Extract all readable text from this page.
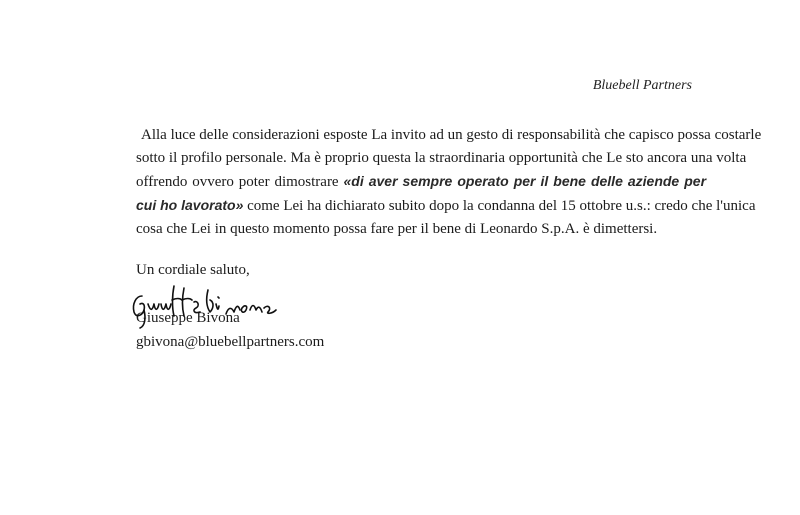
Bluebell Partners
Alla luce delle considerazioni esposte La invito ad un gesto di responsabilità che capisco possa costarle
sotto il profilo personale. Ma è proprio questa la straordinaria opportunità che Le sto ancora una volta
offrendo ovvero poter dimostrare «di aver sempre operato per il bene delle aziende per
cui ho lavorato» come Lei ha dichiarato subito dopo la condanna del 15 ottobre u.s.: credo che l'unica
cosa che Lei in questo momento possa fare per il bene di Leonardo S.p.A. è dimettersi.
Un cordiale saluto,
Giuseppe Bivona
gbivona@bluebellpartners.com
